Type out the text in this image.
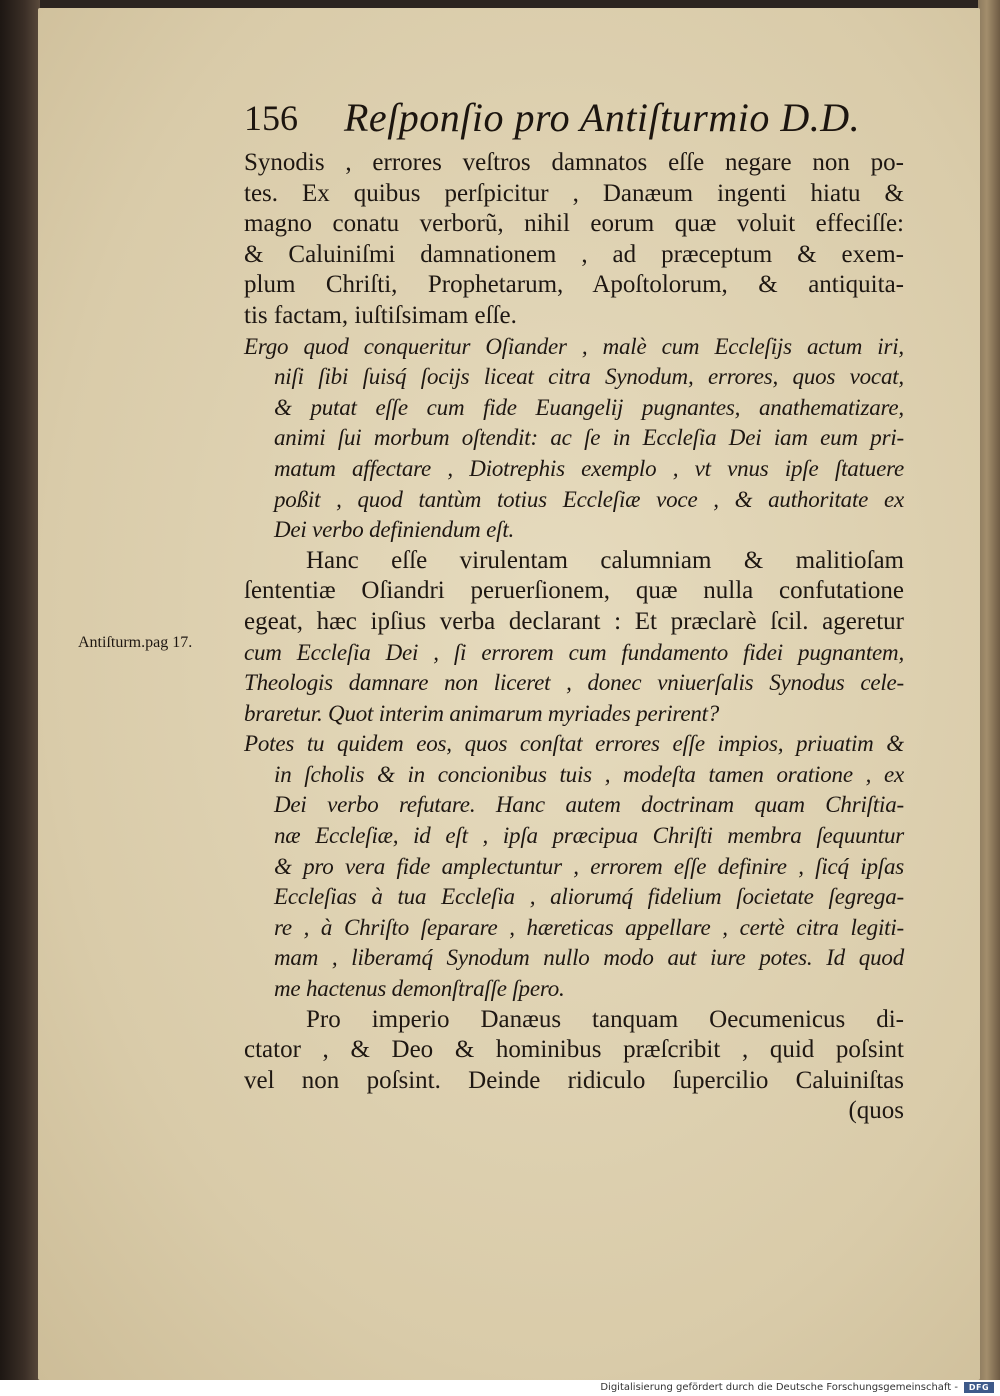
156 Reſponſio pro Antiſturmio D.D.
Antiſturm.pag 17.
Synodis , errores veſtros damnatos eſſe negare non po-
tes. Ex quibus perſpicitur , Danæum ingenti hiatu &
magno conatu verborũ, nihil eorum quæ voluit effeciſſe:
& Caluiniſmi damnationem , ad præceptum & exem-
plum Chriſti, Prophetarum, Apoſtolorum, & antiquita-
tis factam, iuſtiſsimam eſſe.
Ergo quod conqueritur Oſiander , malè cum Eccleſijs actum iri,
niſi ſibi ſuisq́ ſocijs liceat citra Synodum, errores, quos vocat,
& putat eſſe cum fide Euangelij pugnantes, anathematizare,
animi ſui morbum oſtendit: ac ſe in Eccleſia Dei iam eum pri-
matum affectare , Diotrephis exemplo , vt vnus ipſe ſtatuere
poßit , quod tantùm totius Eccleſiæ voce , & authoritate ex
Dei verbo definiendum eſt.
Hanc eſſe virulentam calumniam & malitioſam
ſententiæ Oſiandri peruerſionem, quæ nulla confutatione
egeat, hæc ipſius verba declarant : Et præclarè ſcil. ageretur
cum Eccleſia Dei , ſi errorem cum fundamento fidei pugnantem,
Theologis damnare non liceret , donec vniuerſalis Synodus cele-
braretur. Quot interim animarum myriades perirent?
Potes tu quidem eos, quos conſtat errores eſſe impios, priuatim &
in ſcholis & in concionibus tuis , modeſta tamen oratione , ex
Dei verbo refutare. Hanc autem doctrinam quam Chriſtia-
næ Eccleſiæ, id eſt , ipſa præcipua Chriſti membra ſequuntur
& pro vera fide amplectuntur , errorem eſſe definire , ſicq́ ipſas
Eccleſias à tua Eccleſia , aliorumq́ fidelium ſocietate ſegrega-
re , à Chriſto ſeparare , hæreticas appellare , certè citra legiti-
mam , liberamq́ Synodum nullo modo aut iure potes. Id quod
me hactenus demonſtraſſe ſpero.
Pro imperio Danæus tanquam Oecumenicus di-
ctator , & Deo & hominibus præſcribit , quid poſsint
vel non poſsint. Deinde ridiculo ſupercilio Caluiniſtas
(quos
Digitalisierung gefördert durch die Deutsche Forschungsgemeinschaft -	DFG
